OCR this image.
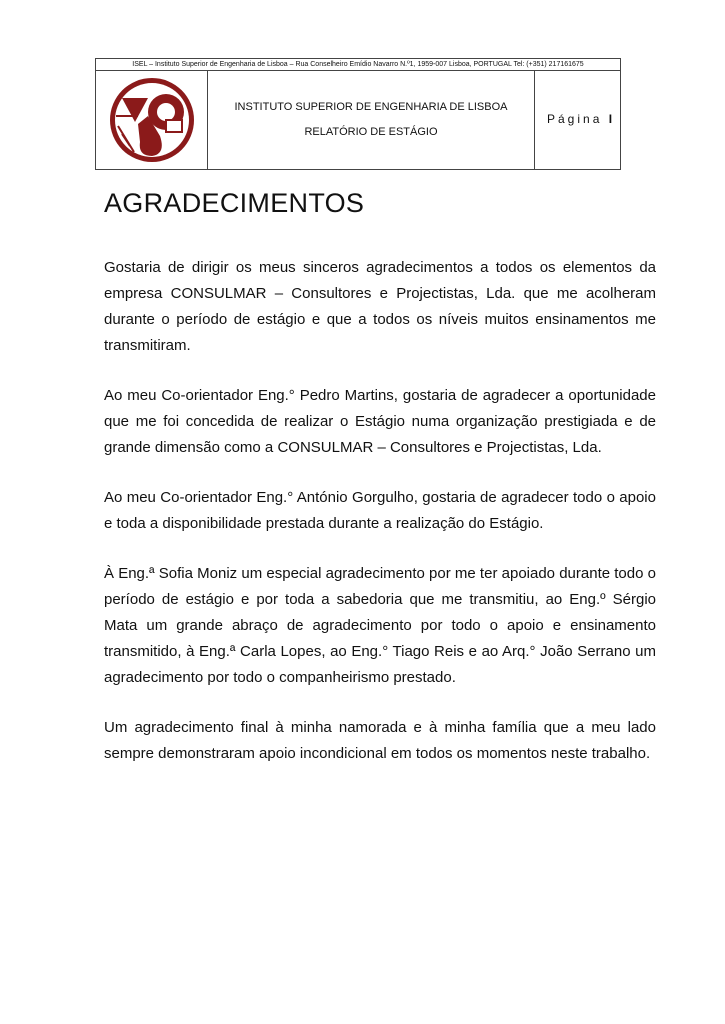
ISEL – Instituto Superior de Engenharia de Lisboa – Rua Conselheiro Emídio Navarro N.º1, 1959-007 Lisboa, PORTUGAL Tel: (+351) 217161675
INSTITUTO SUPERIOR DE ENGENHARIA DE LISBOA
RELATÓRIO DE ESTÁGIO
Página I
AGRADECIMENTOS

Gostaria de dirigir os meus sinceros agradecimentos a todos os elementos da empresa CONSULMAR – Consultores e Projectistas, Lda. que me acolheram durante o período de estágio e que a todos os níveis muitos ensinamentos me transmitiram.

Ao meu Co-orientador Eng.° Pedro Martins, gostaria de agradecer a oportunidade que me foi concedida de realizar o Estágio numa organização prestigiada e de grande dimensão como a CONSULMAR – Consultores e Projectistas, Lda.

Ao meu Co-orientador Eng.° António Gorgulho, gostaria de agradecer todo o apoio e toda a disponibilidade prestada durante a realização do Estágio.

À Eng.ª Sofia Moniz um especial agradecimento por me ter apoiado durante todo o período de estágio e por toda a sabedoria que me transmitiu, ao Eng.º Sérgio Mata um grande abraço de agradecimento por todo o apoio e ensinamento transmitido, à Eng.ª Carla Lopes, ao Eng.° Tiago Reis e ao Arq.° João Serrano um agradecimento por todo o companheirismo prestado.

Um agradecimento final à minha namorada e à minha família que a meu lado sempre demonstraram apoio incondicional em todos os momentos neste trabalho.
